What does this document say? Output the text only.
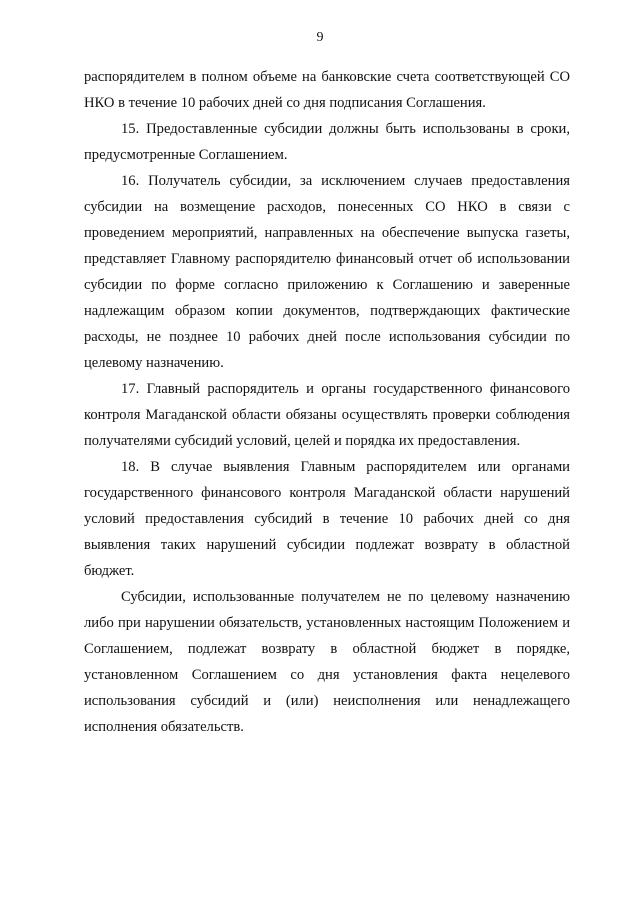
9

распорядителем в полном объеме на банковские счета соответствующей СО НКО в течение 10 рабочих дней со дня подписания Соглашения.

15. Предоставленные субсидии должны быть использованы в сроки, предусмотренные Соглашением.

16. Получатель субсидии, за исключением случаев предоставления субсидии на возмещение расходов, понесенных СО НКО в связи с проведением мероприятий, направленных на обеспечение выпуска газеты, представляет Главному распорядителю финансовый отчет об использовании субсидии по форме согласно приложению к Соглашению и заверенные надлежащим образом копии документов, подтверждающих фактические расходы, не позднее 10 рабочих дней после использования субсидии по целевому назначению.

17. Главный распорядитель и органы государственного финансового контроля Магаданской области обязаны осуществлять проверки соблюдения получателями субсидий условий, целей и порядка их предоставления.

18. В случае выявления Главным распорядителем или органами государственного финансового контроля Магаданской области нарушений условий предоставления субсидий в течение 10 рабочих дней со дня выявления таких нарушений субсидии подлежат возврату в областной бюджет.

Субсидии, использованные получателем не по целевому назначению либо при нарушении обязательств, установленных настоящим Положением и Соглашением, подлежат возврату в областной бюджет в порядке, установленном Соглашением со дня установления факта нецелевого использования субсидий и (или) неисполнения или ненадлежащего исполнения обязательств.
